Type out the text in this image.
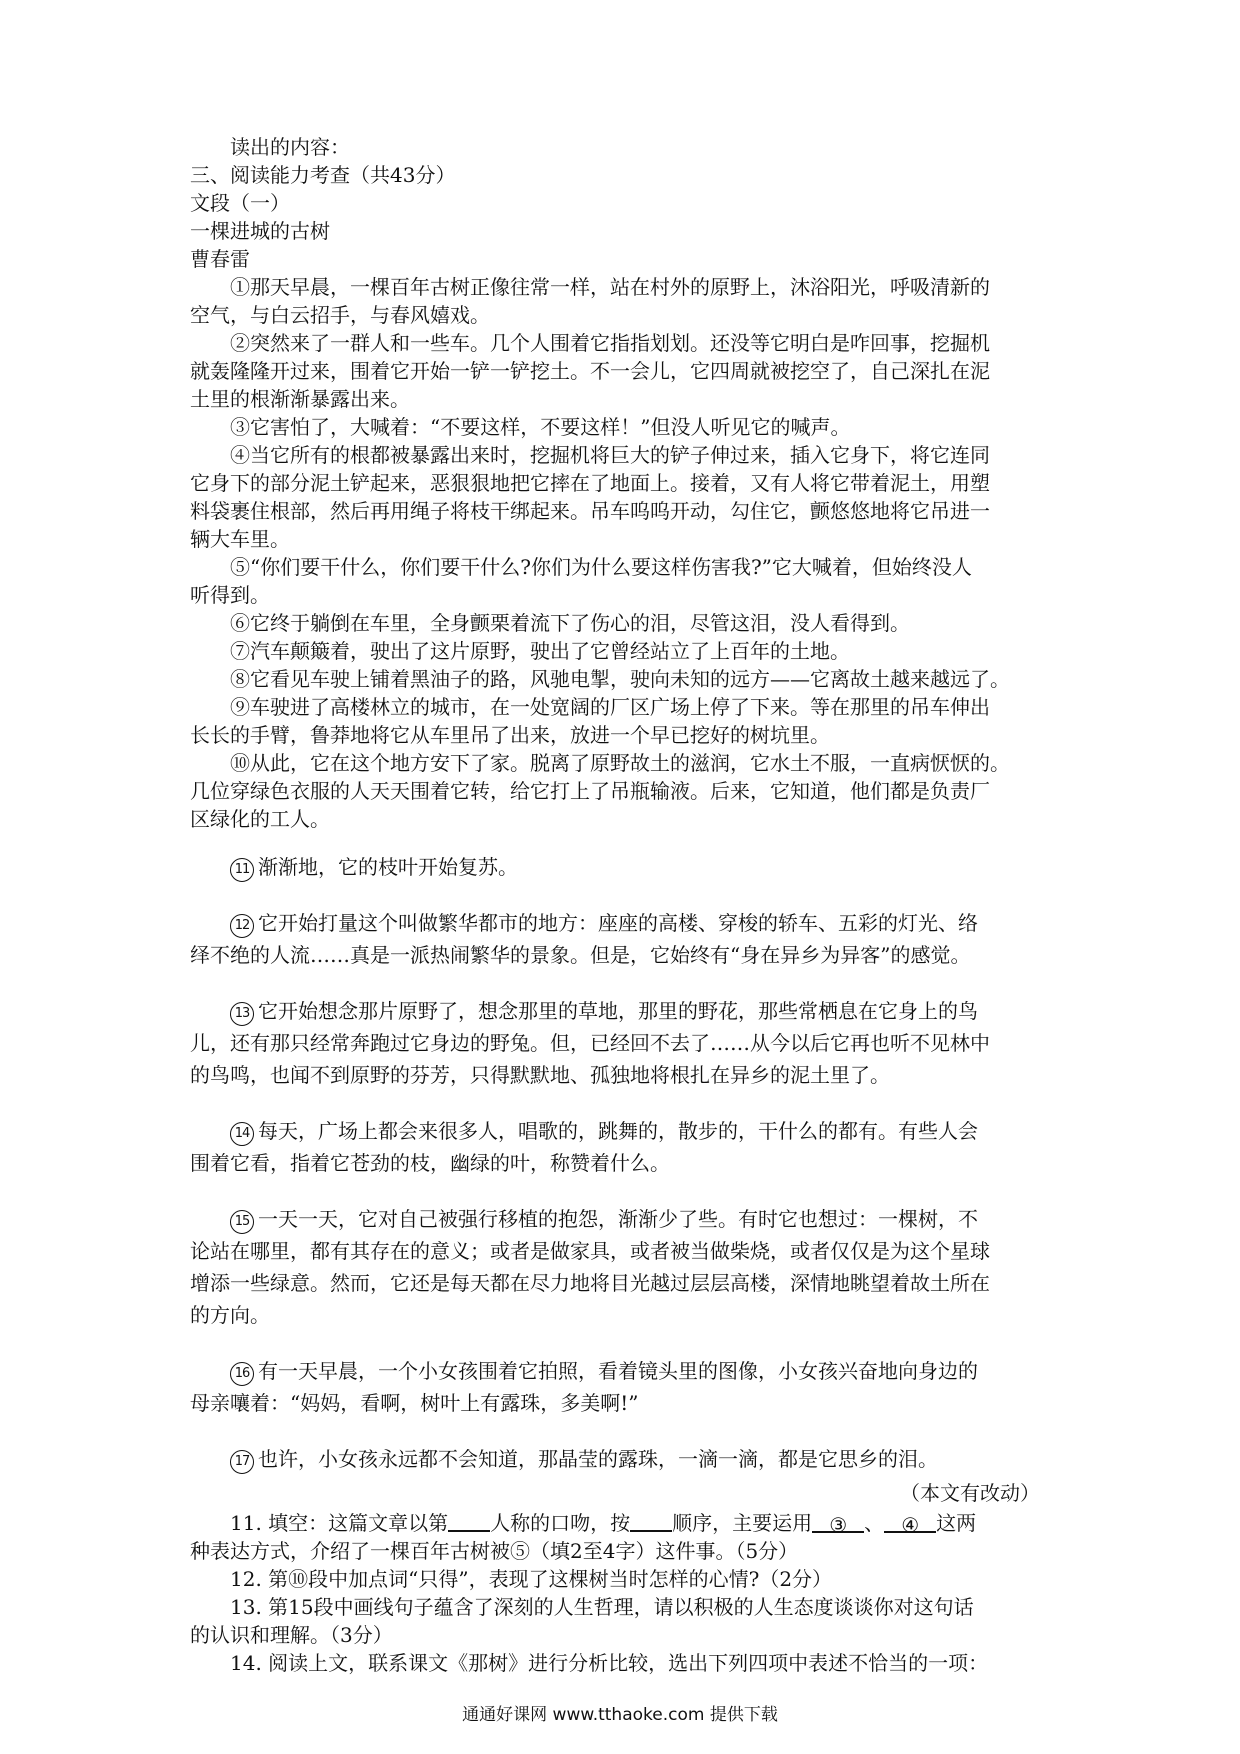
读出的内容：
三、阅读能力考查（共43分）
文段（一）
一棵进城的古树
曹春雷
①那天早晨，一棵百年古树正像往常一样，站在村外的原野上，沐浴阳光，呼吸清新的
空气，与白云招手，与春风嬉戏。
②突然来了一群人和一些车。几个人围着它指指划划。还没等它明白是咋回事，挖掘机
就轰隆隆开过来，围着它开始一铲一铲挖土。不一会儿，它四周就被挖空了，自己深扎在泥
土里的根渐渐暴露出来。
③它害怕了，大喊着：“不要这样，不要这样！”但没人听见它的喊声。
④当它所有的根都被暴露出来时，挖掘机将巨大的铲子伸过来，插入它身下，将它连同
它身下的部分泥土铲起来，恶狠狠地把它摔在了地面上。接着，又有人将它带着泥土，用塑
料袋裹住根部，然后再用绳子将枝干绑起来。吊车呜呜开动，勾住它，颤悠悠地将它吊进一
辆大车里。
⑤“你们要干什么，你们要干什么?你们为什么要这样伤害我?”它大喊着，但始终没人
听得到。
⑥它终于躺倒在车里，全身颤栗着流下了伤心的泪，尽管这泪，没人看得到。
⑦汽车颠簸着，驶出了这片原野，驶出了它曾经站立了上百年的土地。
⑧它看见车驶上铺着黑油子的路，风驰电掣，驶向未知的远方——它离故土越来越远了。
⑨车驶进了高楼林立的城市，在一处宽阔的厂区广场上停了下来。等在那里的吊车伸出
长长的手臂，鲁莽地将它从车里吊了出来，放进一个早已挖好的树坑里。
⑩从此，它在这个地方安下了家。脱离了原野故土的滋润，它水土不服，一直病恹恹的。
几位穿绿色衣服的人天天围着它转，给它打上了吊瓶输液。后来，它知道，他们都是负责厂
区绿化的工人。
11 渐渐地，它的枝叶开始复苏。
12 它开始打量这个叫做繁华都市的地方：座座的高楼、穿梭的轿车、五彩的灯光、络
绎不绝的人流……真是一派热闹繁华的景象。但是，它始终有“身在异乡为异客”的感觉。
13 它开始想念那片原野了，想念那里的草地，那里的野花，那些常栖息在它身上的鸟
儿，还有那只经常奔跑过它身边的野兔。但，已经回不去了……从今以后它再也听不见林中
的鸟鸣，也闻不到原野的芬芳，只得默默地、孤独地将根扎在异乡的泥土里了。
14 每天，广场上都会来很多人，唱歌的，跳舞的，散步的，干什么的都有。有些人会
围着它看，指着它苍劲的枝，幽绿的叶，称赞着什么。
15 一天一天，它对自己被强行移植的抱怨，渐渐少了些。有时它也想过：一棵树，不
论站在哪里，都有其存在的意义；或者是做家具，或者被当做柴烧，或者仅仅是为这个星球
增添一些绿意。然而，它还是每天都在尽力地将目光越过层层高楼，深情地眺望着故土所在
的方向。
16 有一天早晨，一个小女孩围着它拍照，看着镜头里的图像，小女孩兴奋地向身边的
母亲嚷着：“妈妈，看啊，树叶上有露珠，多美啊!”
17 也许，小女孩永远都不会知道，那晶莹的露珠，一滴一滴，都是它思乡的泪。
（本文有改动）
11. 填空：这篇文章以第 人称的口吻，按 顺序，主要运用 ③ 、 ④ 这两
种表达方式，介绍了一棵百年古树被⑤（填2至4字）这件事。（5分）
12. 第⑩段中加点词“只得”，表现了这棵树当时怎样的心情?（2分）
13. 第15段中画线句子蕴含了深刻的人生哲理，请以积极的人生态度谈谈你对这句话
的认识和理解。（3分）
14. 阅读上文，联系课文《那树》进行分析比较，选出下列四项中表述不恰当的一项：
通通好课网 www.tthaoke.com 提供下载
